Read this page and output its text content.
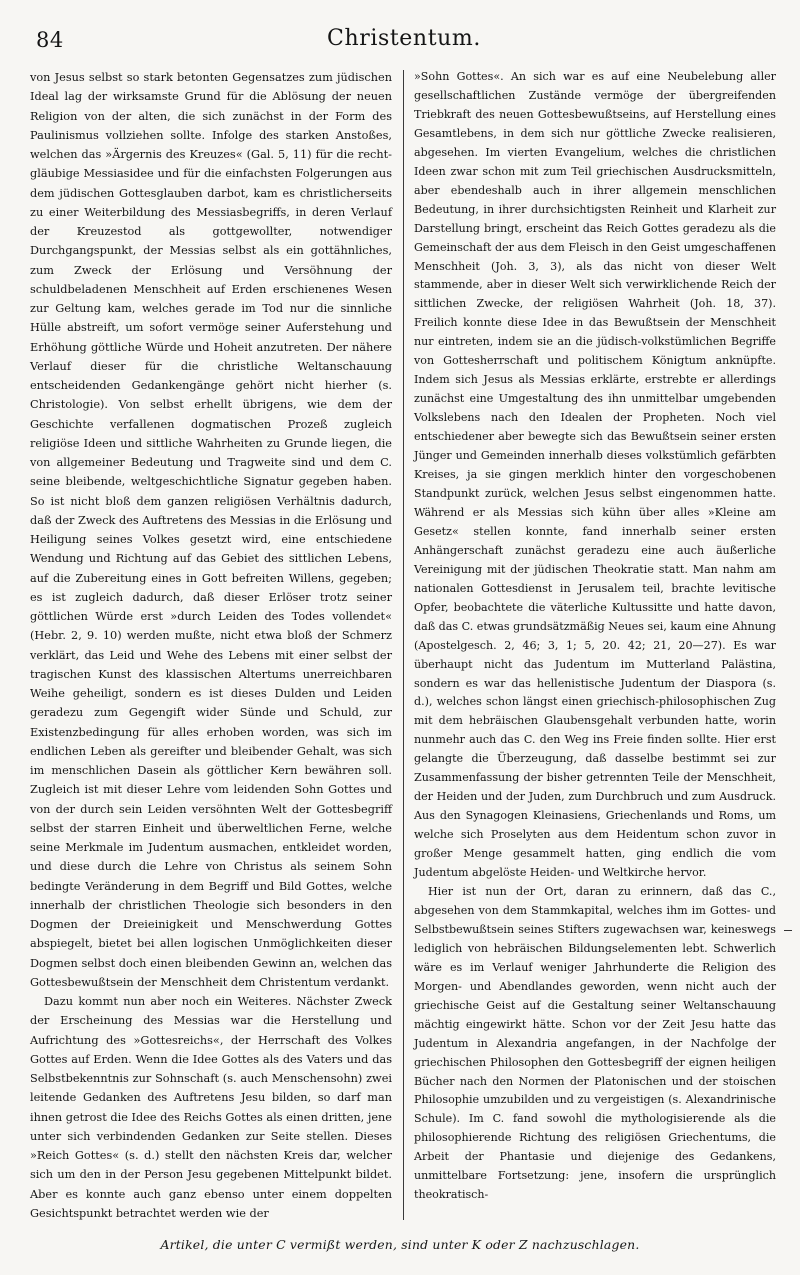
84	Christentum.

von Jesus selbst so stark betonten Gegensatzes zum jüdischen Ideal lag der wirksamste Grund für die Ablösung der neuen Religion von der alten, die sich zunächst in der Form des Paulinismus vollziehen sollte. Infolge des starken Anstoßes, welchen das »Ärgernis des Kreuzes« (Gal. 5, 11) für die recht-gläubige Messiasidee und für die einfachsten Folgerungen aus dem jüdischen Gottesglauben darbot, kam es christlicherseits zu einer Weiterbildung des Messiasbegriffs, in deren Verlauf der Kreuzestod als gottgewollter, notwendiger Durchgangspunkt, der Messias selbst als ein gottähnliches, zum Zweck der Erlösung und Versöhnung der schuldbeladenen Menschheit auf Erden erschienenes Wesen zur Geltung kam, welches gerade im Tod nur die sinnliche Hülle abstreift, um sofort vermöge seiner Auferstehung und Erhöhung göttliche Würde und Hoheit anzutreten. Der nähere Verlauf dieser für die christliche Weltanschauung entscheidenden Gedankengänge gehört nicht hierher (s. Christologie). Von selbst erhellt übrigens, wie dem der Geschichte verfallenen dogmatischen Prozeß zugleich religiöse Ideen und sittliche Wahrheiten zu Grunde liegen, die von allgemeiner Bedeutung und Tragweite sind und dem C. seine bleibende, weltgeschichtliche Signatur gegeben haben. So ist nicht bloß dem ganzen religiösen Verhältnis dadurch, daß der Zweck des Auftretens des Messias in die Erlösung und Heiligung seines Volkes gesetzt wird, eine entschiedene Wendung und Richtung auf das Gebiet des sittlichen Lebens, auf die Zubereitung eines in Gott befreiten Willens, gegeben; es ist zugleich dadurch, daß dieser Erlöser trotz seiner göttlichen Würde erst »durch Leiden des Todes vollendet« (Hebr. 2, 9. 10) werden mußte, nicht etwa bloß der Schmerz verklärt, das Leid und Wehe des Lebens mit einer selbst der tragischen Kunst des klassischen Altertums unerreichbaren Weihe geheiligt, sondern es ist dieses Dulden und Leiden geradezu zum Gegengift wider Sünde und Schuld, zur Existenzbedingung für alles erhoben worden, was sich im endlichen Leben als gereifter und bleibender Gehalt, was sich im menschlichen Dasein als göttlicher Kern bewähren soll. Zugleich ist mit dieser Lehre vom leidenden Sohn Gottes und von der durch sein Leiden versöhnten Welt der Gottesbegriff selbst der starren Einheit und überweltlichen Ferne, welche seine Merkmale im Judentum ausmachen, entkleidet worden, und diese durch die Lehre von Christus als seinem Sohn bedingte Veränderung in dem Begriff und Bild Gottes, welche innerhalb der christlichen Theologie sich besonders in den Dogmen der Dreieinigkeit und Menschwerdung Gottes abspiegelt, bietet bei allen logischen Unmöglichkeiten dieser Dogmen selbst doch einen bleibenden Gewinn an, welchen das Gottesbewußtsein der Menschheit dem Christentum verdankt.

Dazu kommt nun aber noch ein Weiteres. Nächster Zweck der Erscheinung des Messias war die Herstellung und Aufrichtung des »Gottesreichs«, der Herrschaft des Volkes Gottes auf Erden. Wenn die Idee Gottes als des Vaters und das Selbstbekenntnis zur Sohnschaft (s. auch Menschensohn) zwei leitende Gedanken des Auftretens Jesu bilden, so darf man ihnen getrost die Idee des Reichs Gottes als einen dritten, jene unter sich verbindenden Gedanken zur Seite stellen. Dieses »Reich Gottes« (s. d.) stellt den nächsten Kreis dar, welcher sich um den in der Person Jesu gegebenen Mittelpunkt bildet. Aber es konnte auch ganz ebenso unter einem doppelten Gesichtspunkt betrachtet werden wie der

»Sohn Gottes«. An sich war es auf eine Neubelebung aller gesellschaftlichen Zustände vermöge der übergreifenden Triebkraft des neuen Gottesbewußtseins, auf Herstellung eines Gesamtlebens, in dem sich nur göttliche Zwecke realisieren, abgesehen. Im vierten Evangelium, welches die christlichen Ideen zwar schon mit zum Teil griechischen Ausdrucksmitteln, aber ebendeshalb auch in ihrer allgemein menschlichen Bedeutung, in ihrer durchsichtigsten Reinheit und Klarheit zur Darstellung bringt, erscheint das Reich Gottes geradezu als die Gemeinschaft der aus dem Fleisch in den Geist umgeschaffenen Menschheit (Joh. 3, 3), als das nicht von dieser Welt stammende, aber in dieser Welt sich verwirklichende Reich der sittlichen Zwecke, der religiösen Wahrheit (Joh. 18, 37). Freilich konnte diese Idee in das Bewußtsein der Menschheit nur eintreten, indem sie an die jüdisch-volkstümlichen Begriffe von Gottesherrschaft und politischem Königtum anknüpfte. Indem sich Jesus als Messias erklärte, erstrebte er allerdings zunächst eine Umgestaltung des ihn unmittelbar umgebenden Volkslebens nach den Idealen der Propheten. Noch viel entschiedener aber bewegte sich das Bewußtsein seiner ersten Jünger und Gemeinden innerhalb dieses volkstümlich gefärbten Kreises, ja sie gingen merklich hinter den vorgeschobenen Standpunkt zurück, welchen Jesus selbst eingenommen hatte. Während er als Messias sich kühn über alles »Kleine am Gesetz« stellen konnte, fand innerhalb seiner ersten Anhängerschaft zunächst geradezu eine auch äußerliche Vereinigung mit der jüdischen Theokratie statt. Man nahm am nationalen Gottesdienst in Jerusalem teil, brachte levitische Opfer, beobachtete die väterliche Kultussitte und hatte davon, daß das C. etwas grundsätzmäßig Neues sei, kaum eine Ahnung (Apostelgesch. 2, 46; 3, 1; 5, 20. 42; 21, 20—27). Es war überhaupt nicht das Judentum im Mutterland Palästina, sondern es war das hellenistische Judentum der Diaspora (s. d.), welches schon längst einen griechisch-philosophischen Zug mit dem hebräischen Glaubensgehalt verbunden hatte, worin nunmehr auch das C. den Weg ins Freie finden sollte. Hier erst gelangte die Überzeugung, daß dasselbe bestimmt sei zur Zusammenfassung der bisher getrennten Teile der Menschheit, der Heiden und der Juden, zum Durchbruch und zum Ausdruck. Aus den Synagogen Kleinasiens, Griechenlands und Roms, um welche sich Proselyten aus dem Heidentum schon zuvor in großer Menge gesammelt hatten, ging endlich die vom Judentum abgelöste Heiden- und Weltkirche hervor.

Hier ist nun der Ort, daran zu erinnern, daß das C., abgesehen von dem Stammkapital, welches ihm im Gottes- und Selbstbewußtsein seines Stifters zugewachsen war, keineswegs lediglich von hebräischen Bildungselementen lebt. Schwerlich wäre es im Verlauf weniger Jahrhunderte die Religion des Morgen- und Abendlandes geworden, wenn nicht auch der griechische Geist auf die Gestaltung seiner Weltanschauung mächtig eingewirkt hätte. Schon vor der Zeit Jesu hatte das Judentum in Alexandria angefangen, in der Nachfolge der griechischen Philosophen den Gottesbegriff der eignen heiligen Bücher nach den Normen der Platonischen und der stoischen Philosophie umzubilden und zu vergeistigen (s. Alexandrinische Schule). Im C. fand sowohl die mythologisierende als die philosophierende Richtung des religiösen Griechentums, die Arbeit der Phantasie und diejenige des Gedankens, unmittelbare Fortsetzung: jene, insofern die ursprünglich theokratisch-

Artikel, die unter C vermißt werden, sind unter K oder Z nachzuschlagen.
